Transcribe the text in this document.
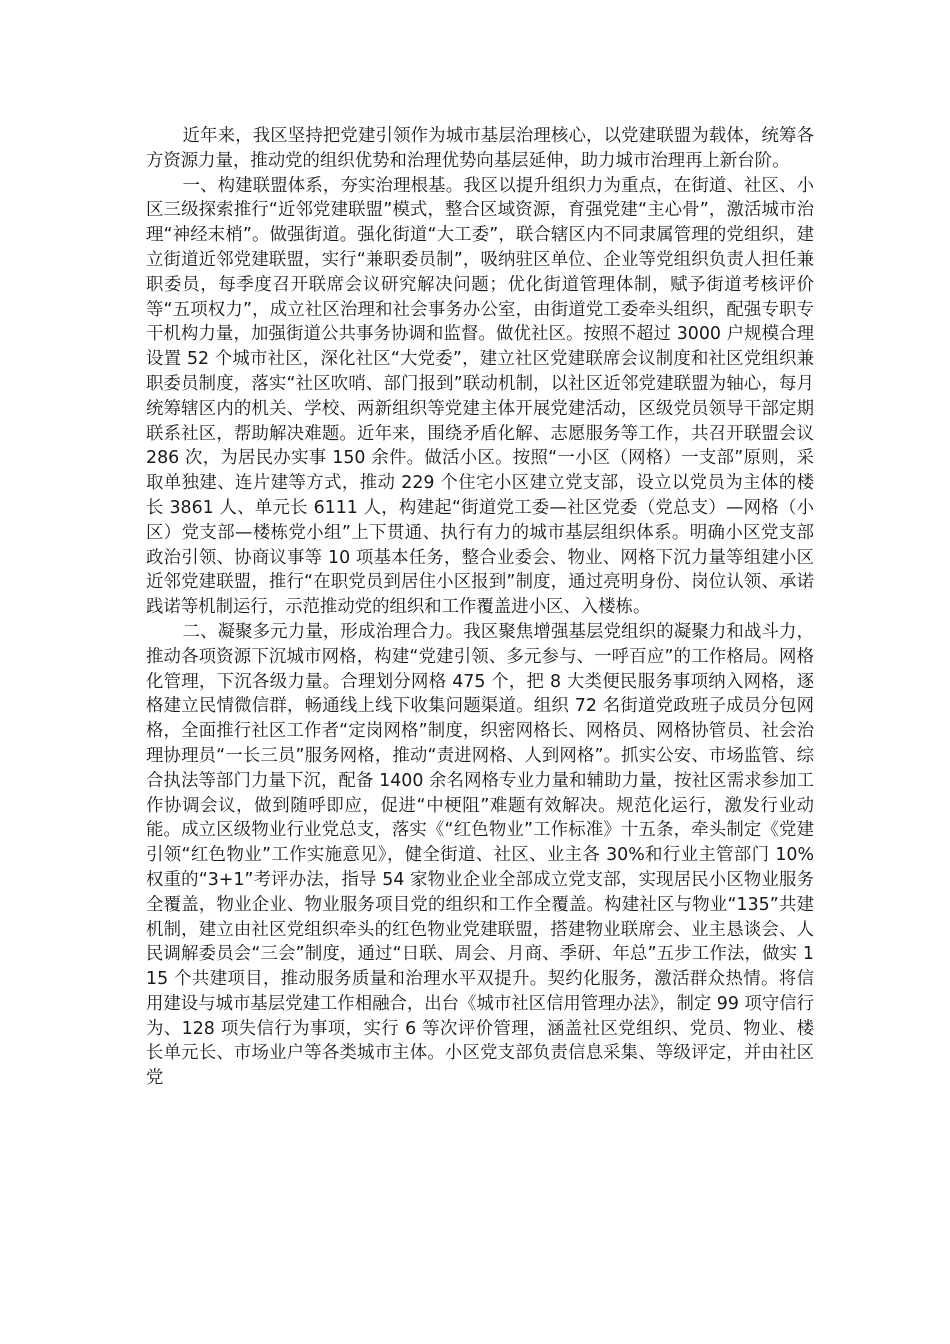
近年来，我区坚持把党建引领作为城市基层治理核心，以党建联盟为载体，统筹各方资源力量，推动党的组织优势和治理优势向基层延伸，助力城市治理再上新台阶。

一、构建联盟体系，夯实治理根基。我区以提升组织力为重点，在街道、社区、小区三级探索推行“近邻党建联盟”模式，整合区域资源，育强党建“主心骨”，激活城市治理“神经末梢”。做强街道。强化街道“大工委”，联合辖区内不同隶属管理的党组织，建立街道近邻党建联盟，实行“兼职委员制”，吸纳驻区单位、企业等党组织负责人担任兼职委员，每季度召开联席会议研究解决问题；优化街道管理体制，赋予街道考核评价等“五项权力”，成立社区治理和社会事务办公室，由街道党工委牵头组织，配强专职专干机构力量，加强街道公共事务协调和监督。做优社区。按照不超过 3000 户规模合理设置 52 个城市社区，深化社区“大党委”，建立社区党建联席会议制度和社区党组织兼职委员制度，落实“社区吹哨、部门报到”联动机制，以社区近邻党建联盟为轴心，每月统筹辖区内的机关、学校、两新组织等党建主体开展党建活动，区级党员领导干部定期联系社区，帮助解决难题。近年来，围绕矛盾化解、志愿服务等工作，共召开联盟会议 286 次，为居民办实事 150 余件。做活小区。按照“一小区（网格）一支部”原则，采取单独建、连片建等方式，推动 229 个住宅小区建立党支部，设立以党员为主体的楼长 3861 人、单元长 6111 人，构建起“街道党工委—社区党委（党总支）—网格（小区）党支部—楼栋党小组”上下贯通、执行有力的城市基层组织体系。明确小区党支部政治引领、协商议事等 10 项基本任务，整合业委会、物业、网格下沉力量等组建小区近邻党建联盟，推行“在职党员到居住小区报到”制度，通过亮明身份、岗位认领、承诺践诺等机制运行，示范推动党的组织和工作覆盖进小区、入楼栋。

二、凝聚多元力量，形成治理合力。我区聚焦增强基层党组织的凝聚力和战斗力，推动各项资源下沉城市网格，构建“党建引领、多元参与、一呼百应”的工作格局。网格化管理，下沉各级力量。合理划分网格 475 个，把 8 大类便民服务事项纳入网格，逐格建立民情微信群，畅通线上线下收集问题渠道。组织 72 名街道党政班子成员分包网格，全面推行社区工作者“定岗网格”制度，织密网格长、网格员、网格协管员、社会治理协理员“一长三员”服务网格，推动“责进网格、人到网格”。抓实公安、市场监管、综合执法等部门力量下沉，配备 1400 余名网格专业力量和辅助力量，按社区需求参加工作协调会议，做到随呼即应，促进“中梗阻”难题有效解决。规范化运行，激发行业动能。成立区级物业行业党总支，落实《“红色物业”工作标准》十五条，牵头制定《党建引领“红色物业”工作实施意见》，健全街道、社区、业主各 30%和行业主管部门 10%权重的“3+1”考评办法，指导 54 家物业企业全部成立党支部，实现居民小区物业服务全覆盖，物业企业、物业服务项目党的组织和工作全覆盖。构建社区与物业“135”共建机制，建立由社区党组织牵头的红色物业党建联盟，搭建物业联席会、业主恳谈会、人民调解委员会“三会”制度，通过“日联、周会、月商、季研、年总”五步工作法，做实 115 个共建项目，推动服务质量和治理水平双提升。契约化服务，激活群众热情。将信用建设与城市基层党建工作相融合，出台《城市社区信用管理办法》，制定 99 项守信行为、128 项失信行为事项，实行 6 等次评价管理，涵盖社区党组织、党员、物业、楼长单元长、市场业户等各类城市主体。小区党支部负责信息采集、等级评定，并由社区党
